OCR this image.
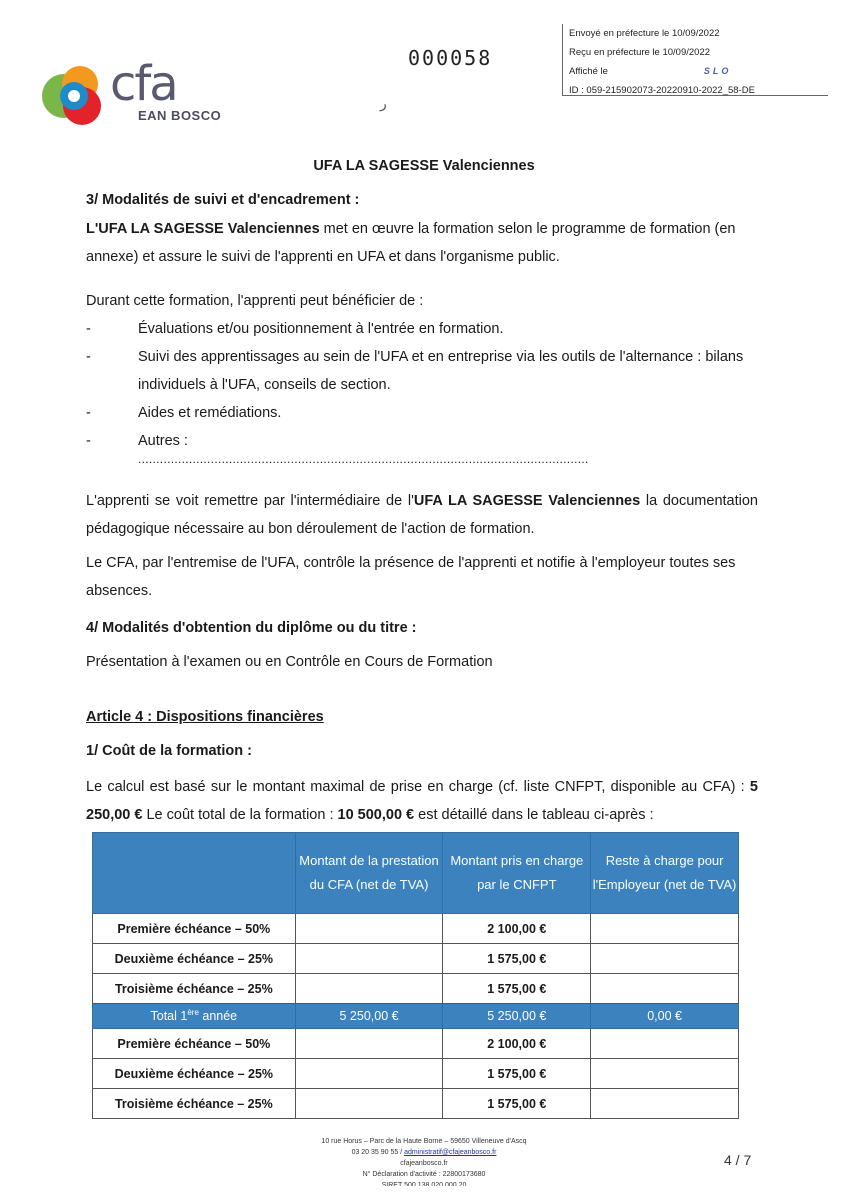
Envoyé en préfecture le 10/09/2022
Reçu en préfecture le 10/09/2022
Affiché le	SLO
ID : 059-215902073-20220910-2022_58-DE
000058
ر
cfa
EAN BOSCO
UFA LA SAGESSE Valenciennes
3/ Modalités de suivi et d'encadrement :

L'UFA LA SAGESSE Valenciennes met en œuvre la formation selon le programme de formation (en annexe) et assure le suivi de l'apprenti en UFA et dans l'organisme public.

Durant cette formation, l'apprenti peut bénéficier de :
-	Évaluations et/ou positionnement à l'entrée en formation.
-	Suivi des apprentissages au sein de l'UFA et en entreprise via les outils de l'alternance : bilans individuels à l'UFA, conseils de section.
-	Aides et remédiations.
-	Autres :
............................................................................................................................

L'apprenti se voit remettre par l'intermédiaire de l'UFA LA SAGESSE Valenciennes la documentation pédagogique nécessaire au bon déroulement de l'action de formation.

Le CFA, par l'entremise de l'UFA, contrôle la présence de l'apprenti et notifie à l'employeur toutes ses absences.
4/ Modalités d'obtention du diplôme ou du titre :
Présentation à l'examen ou en Contrôle en Cours de Formation
Article 4 : Dispositions financières
1/ Coût de la formation :

Le calcul est basé sur le montant maximal de prise en charge (cf. liste CNFPT, disponible au CFA) : 5 250,00 € Le coût total de la formation : 10 500,00 € est détaillé dans le tableau ci-après :

	Montant de la prestation du CFA (net de TVA)	Montant pris en charge par le CNFPT	Reste à charge pour l'Employeur (net de TVA)
Première échéance – 50%		2 100,00 €	
Deuxième échéance – 25%		1 575,00 €	
Troisième échéance – 25%		1 575,00 €	
Total 1ère année	5 250,00 €	5 250,00 €	0,00 €
Première échéance – 50%		2 100,00 €	
Deuxième échéance – 25%		1 575,00 €	
Troisième échéance – 25%		1 575,00 €	
10 rue Horus – Parc de la Haute Borne – 59650 Villeneuve d'Ascq
03 20 35 90 55 / administratif@cfajeanbosco.fr
cfajeanbosco.fr
N° Déclaration d'activité : 22800173680
SIRET 500 138 020 000 20
4 / 7
